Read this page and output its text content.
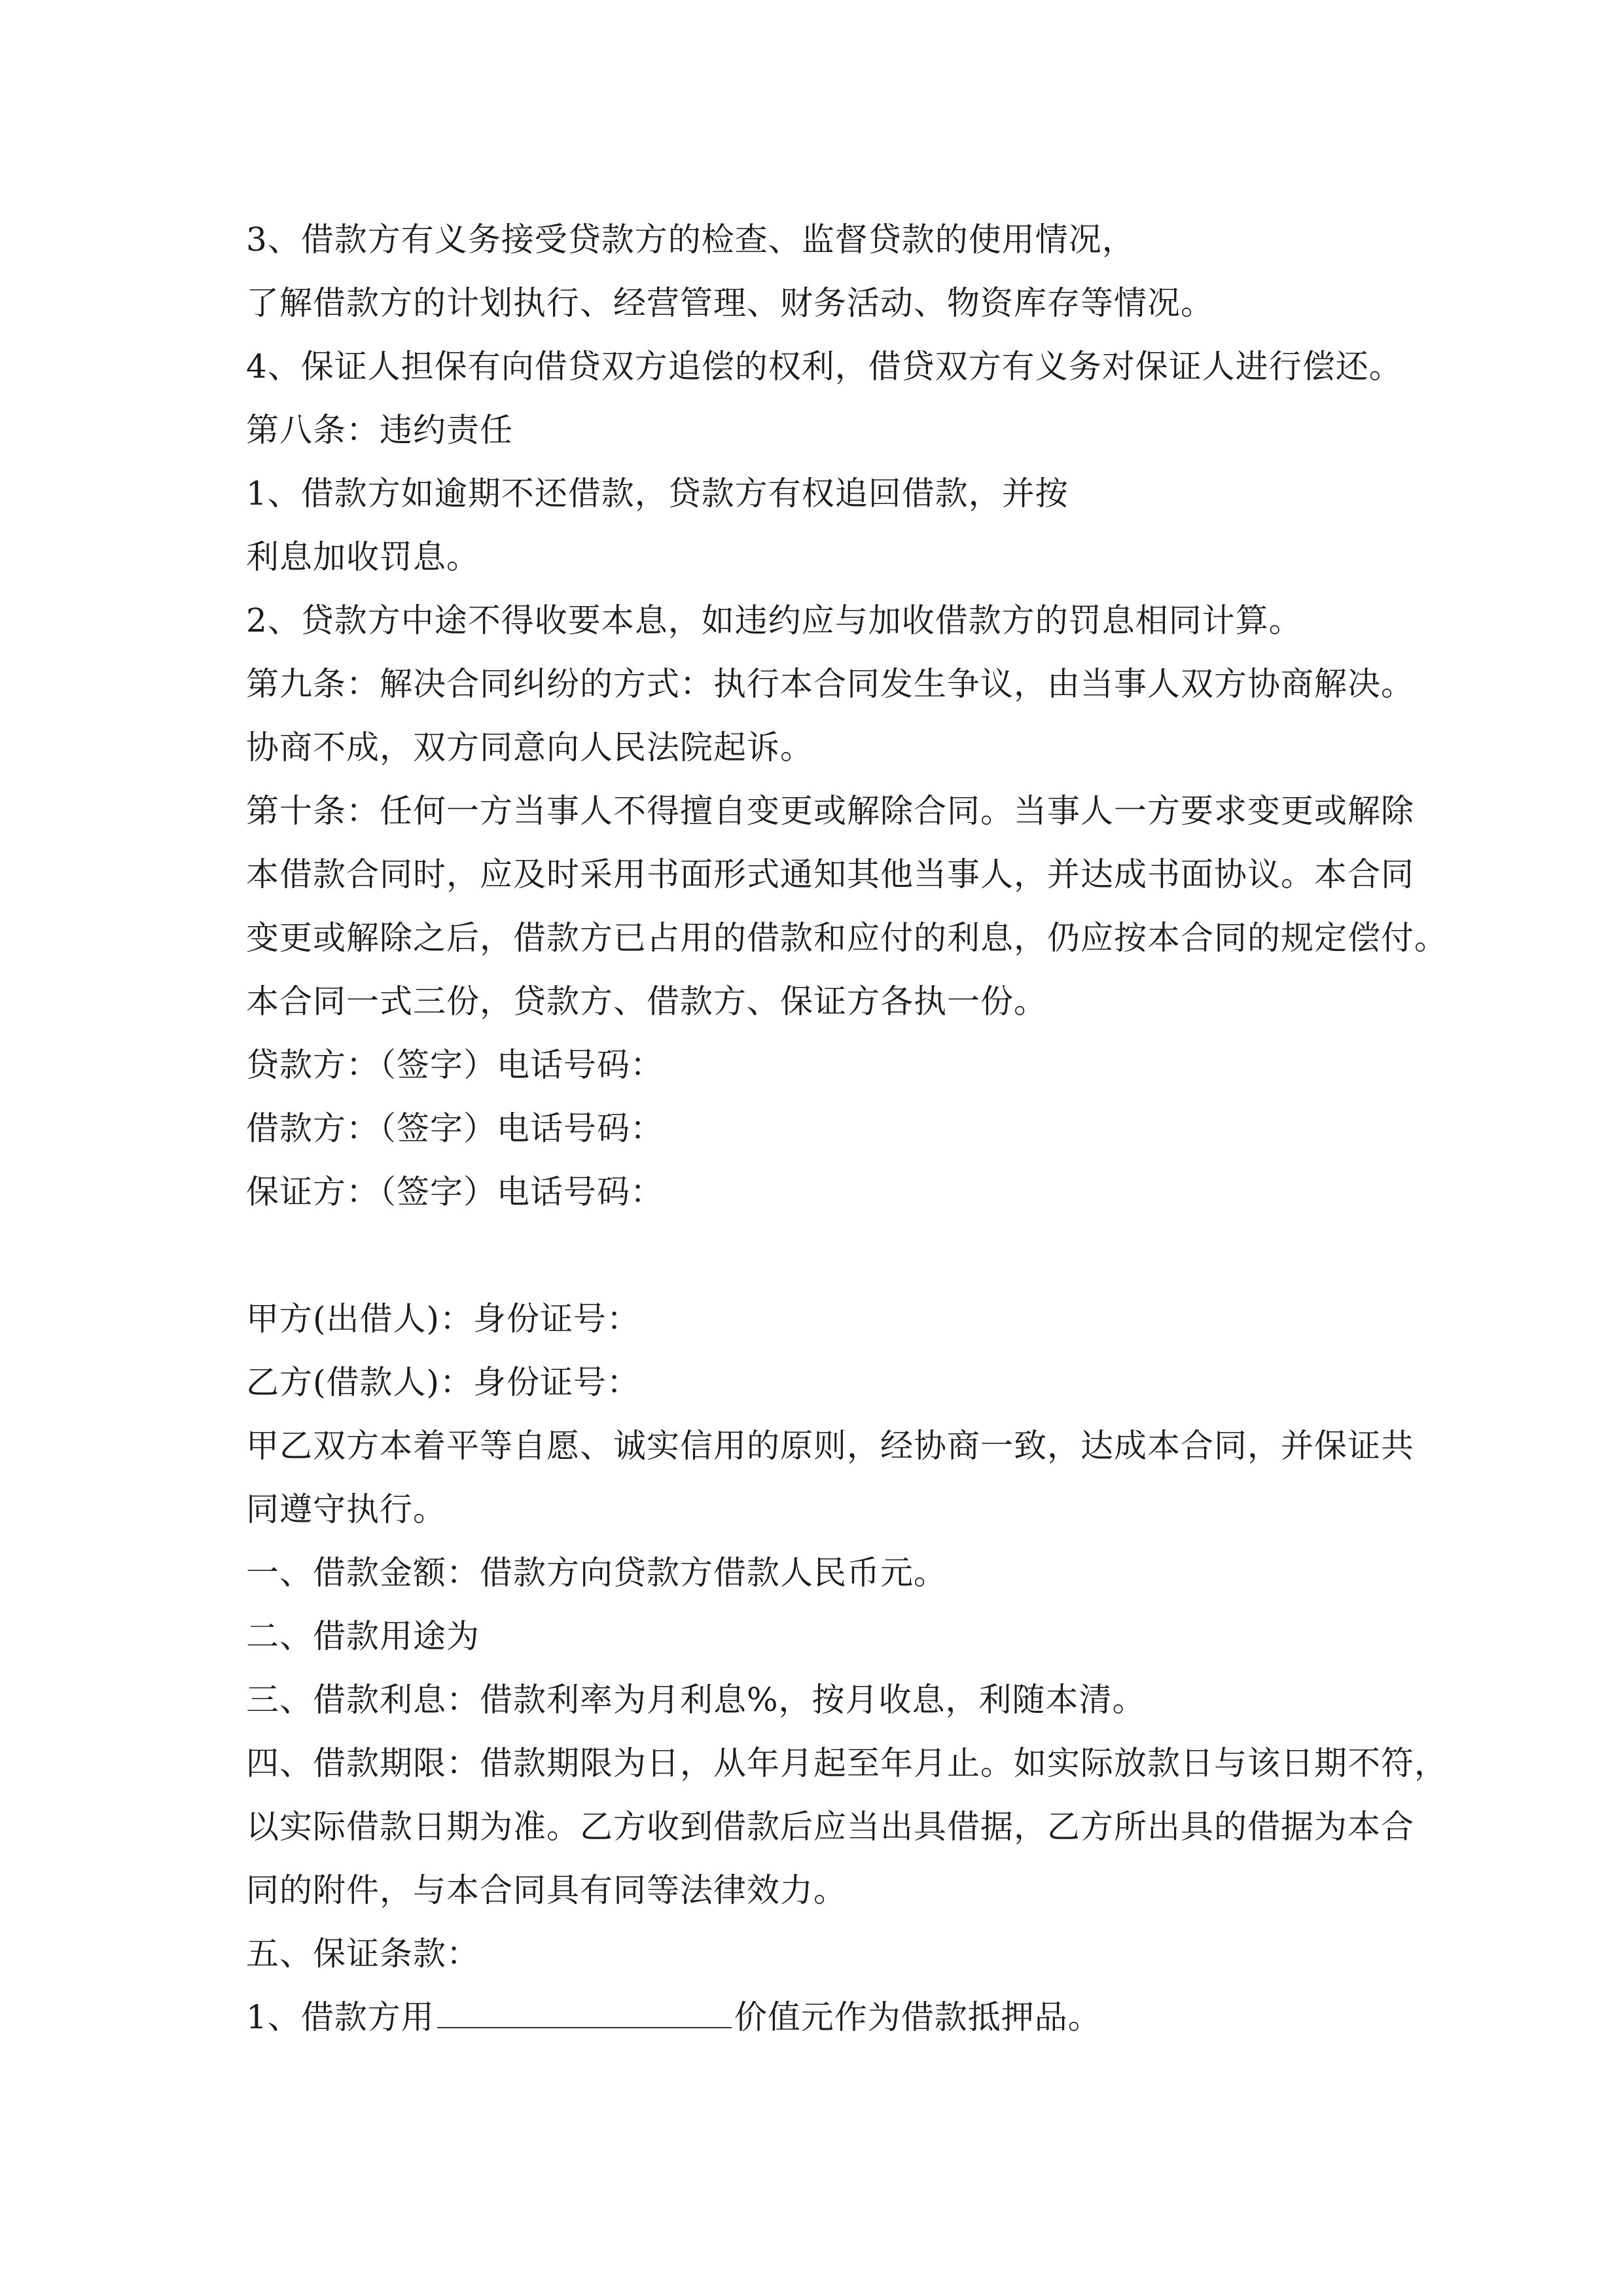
3、借款方有义务接受贷款方的检查、监督贷款的使用情况，
了解借款方的计划执行、经营管理、财务活动、物资库存等情况。
4、保证人担保有向借贷双方追偿的权利，借贷双方有义务对保证人进行偿还。
第八条：违约责任
1、借款方如逾期不还借款，贷款方有权追回借款，并按
利息加收罚息。
2、贷款方中途不得收要本息，如违约应与加收借款方的罚息相同计算。
第九条：解决合同纠纷的方式：执行本合同发生争议，由当事人双方协商解决。
协商不成，双方同意向人民法院起诉。
第十条：任何一方当事人不得擅自变更或解除合同。当事人一方要求变更或解除
本借款合同时，应及时采用书面形式通知其他当事人，并达成书面协议。本合同
变更或解除之后，借款方已占用的借款和应付的利息，仍应按本合同的规定偿付。
本合同一式三份，贷款方、借款方、保证方各执一份。
贷款方：（签字）电话号码：
借款方：（签字）电话号码：
保证方：（签字）电话号码：
甲方(出借人)：身份证号：
乙方(借款人)：身份证号：
甲乙双方本着平等自愿、诚实信用的原则，经协商一致，达成本合同，并保证共
同遵守执行。
一、借款金额：借款方向贷款方借款人民币元。
二、借款用途为
三、借款利息：借款利率为月利息%，按月收息，利随本清。
四、借款期限：借款期限为日，从年月起至年月止。如实际放款日与该日期不符，
以实际借款日期为准。乙方收到借款后应当出具借据，乙方所出具的借据为本合
同的附件，与本合同具有同等法律效力。
五、保证条款：
1、借款方用	价值元作为借款抵押品。
